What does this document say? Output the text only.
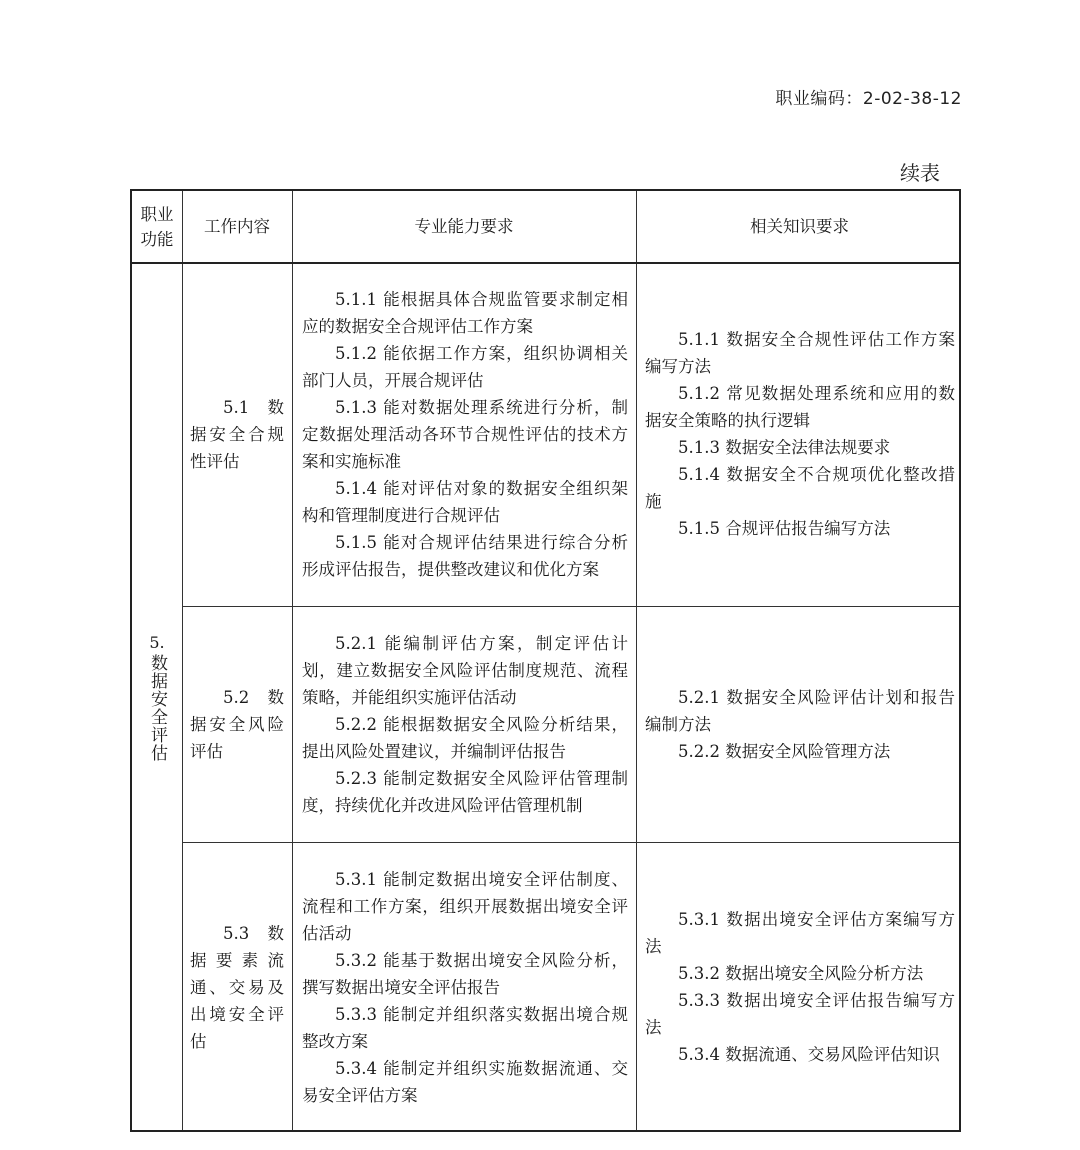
职业编码：2-02-38-12
续表
职业功能
工作内容	专业能力要求	相关知识要求
5.
数据安全评估
5.1 数据安全合规性评估
5.1.1 能根据具体合规监管要求制定相应的数据安全合规评估工作方案
5.1.2 能依据工作方案，组织协调相关部门人员，开展合规评估
5.1.3 能对数据处理系统进行分析，制定数据处理活动各环节合规性评估的技术方案和实施标准
5.1.4 能对评估对象的数据安全组织架构和管理制度进行合规评估
5.1.5 能对合规评估结果进行综合分析形成评估报告，提供整改建议和优化方案
5.1.1 数据安全合规性评估工作方案编写方法
5.1.2 常见数据处理系统和应用的数据安全策略的执行逻辑
5.1.3 数据安全法律法规要求
5.1.4 数据安全不合规项优化整改措施
5.1.5 合规评估报告编写方法
5.2 数据安全风险评估
5.2.1 能编制评估方案，制定评估计划，建立数据安全风险评估制度规范、流程策略，并能组织实施评估活动
5.2.2 能根据数据安全风险分析结果，提出风险处置建议，并编制评估报告
5.2.3 能制定数据安全风险评估管理制度，持续优化并改进风险评估管理机制
5.2.1 数据安全风险评估计划和报告编制方法
5.2.2 数据安全风险管理方法
5.3 数据要素流通、交易及出境安全评估
5.3.1 能制定数据出境安全评估制度、流程和工作方案，组织开展数据出境安全评估活动
5.3.2 能基于数据出境安全风险分析，撰写数据出境安全评估报告
5.3.3 能制定并组织落实数据出境合规整改方案
5.3.4 能制定并组织实施数据流通、交易安全评估方案
5.3.1 数据出境安全评估方案编写方法
5.3.2 数据出境安全风险分析方法
5.3.3 数据出境安全评估报告编写方法
5.3.4 数据流通、交易风险评估知识
